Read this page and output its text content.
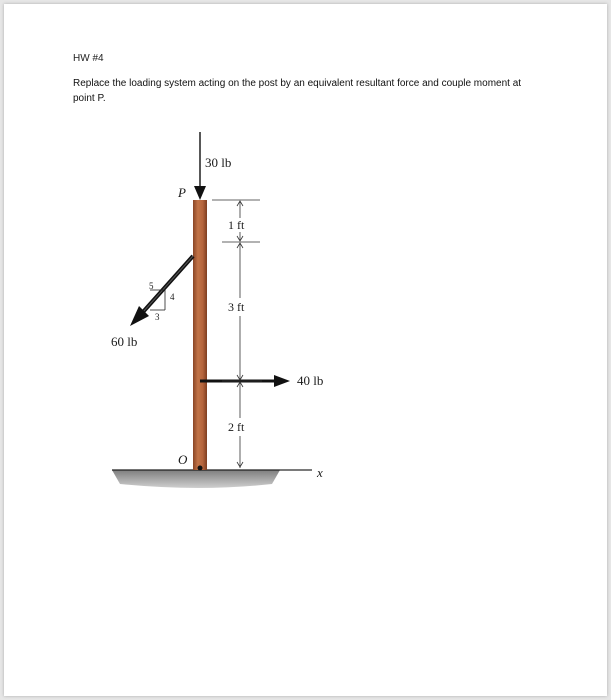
HW #4
Replace the loading system acting on the post by an equivalent resultant force and couple moment at point P.
30 lb
P
5
4
3
60 lb
40 lb
1 ft
3 ft
2 ft
O
x
